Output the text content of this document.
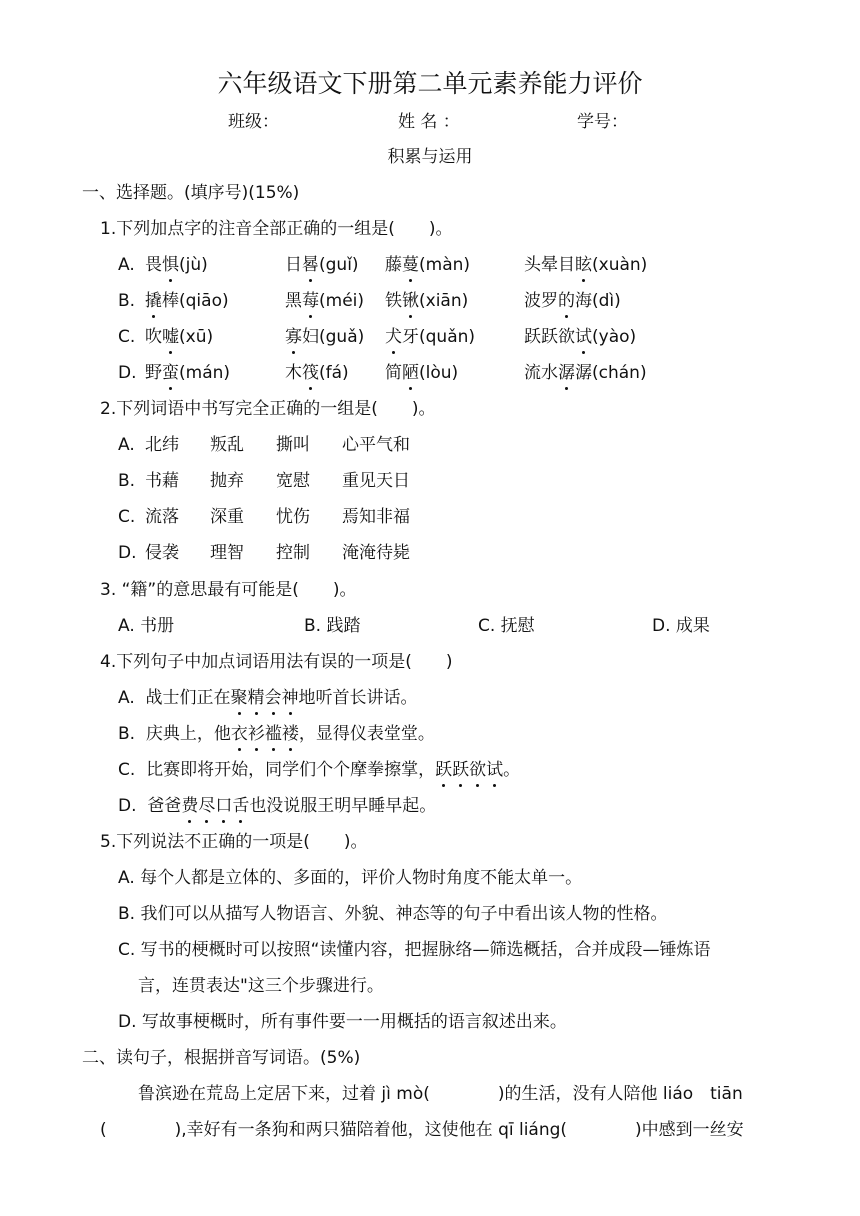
六年级语文下册第二单元素养能力评价
班级：	姓 名 ：	学号：
积累与运用
一、选择题。(填序号)(15%)
1.下列加点字的注音全部正确的一组是(　　)。
A. 畏惧(jù)	日晷(guǐ) 藤蔓(màn)	头晕目眩(xuàn)
B. 撬棒(qiāo)	黑莓(méi) 铁锹(xiān)	波罗的海(dì)
C. 吹嘘(xū)	寡妇(guǎ) 犬牙(quǎn)	跃跃欲试(yào)
D. 野蛮(mán)	木筏(fá) 简陋(lòu)	流水潺潺(chán)
2.下列词语中书写完全正确的一组是(　　)。
A. 北纬 叛乱 撕叫 心平气和
B. 书藉 抛弃 宽慰 重见天日
C. 流落 深重 忧伤 焉知非福
D. 侵袭 理智 控制 淹淹待毙
3. “籍”的意思最有可能是(　　)。
A. 书册	B. 践踏	C. 抚慰	D. 成果
4.下列句子中加点词语用法有误的一项是(　　)
A. 战士们正在聚精会神地听首长讲话。
B. 庆典上，他衣衫褴褛，显得仪表堂堂。
C. 比赛即将开始，同学们个个摩拳擦掌，跃跃欲试。
D. 爸爸费尽口舌也没说服王明早睡早起。
5.下列说法不正确的一项是(　　)。
A. 每个人都是立体的、多面的，评价人物时角度不能太单一。
B. 我们可以从描写人物语言、外貌、神态等的句子中看出该人物的性格。
C. 写书的梗概时可以按照“读懂内容，把握脉络—筛选概括，合并成段—锤炼语
言，连贯表达"这三个步骤进行。
D. 写故事梗概时，所有事件要一一用概括的语言叙述出来。
二、读句子，根据拼音写词语。(5%)
鲁滨逊在荒岛上定居下来，过着 jì mò(　　　　)的生活，没有人陪他 liáo　tiān
(　　　　),幸好有一条狗和两只猫陪着他，这使他在 qī liáng(　　　　)中感到一丝安
